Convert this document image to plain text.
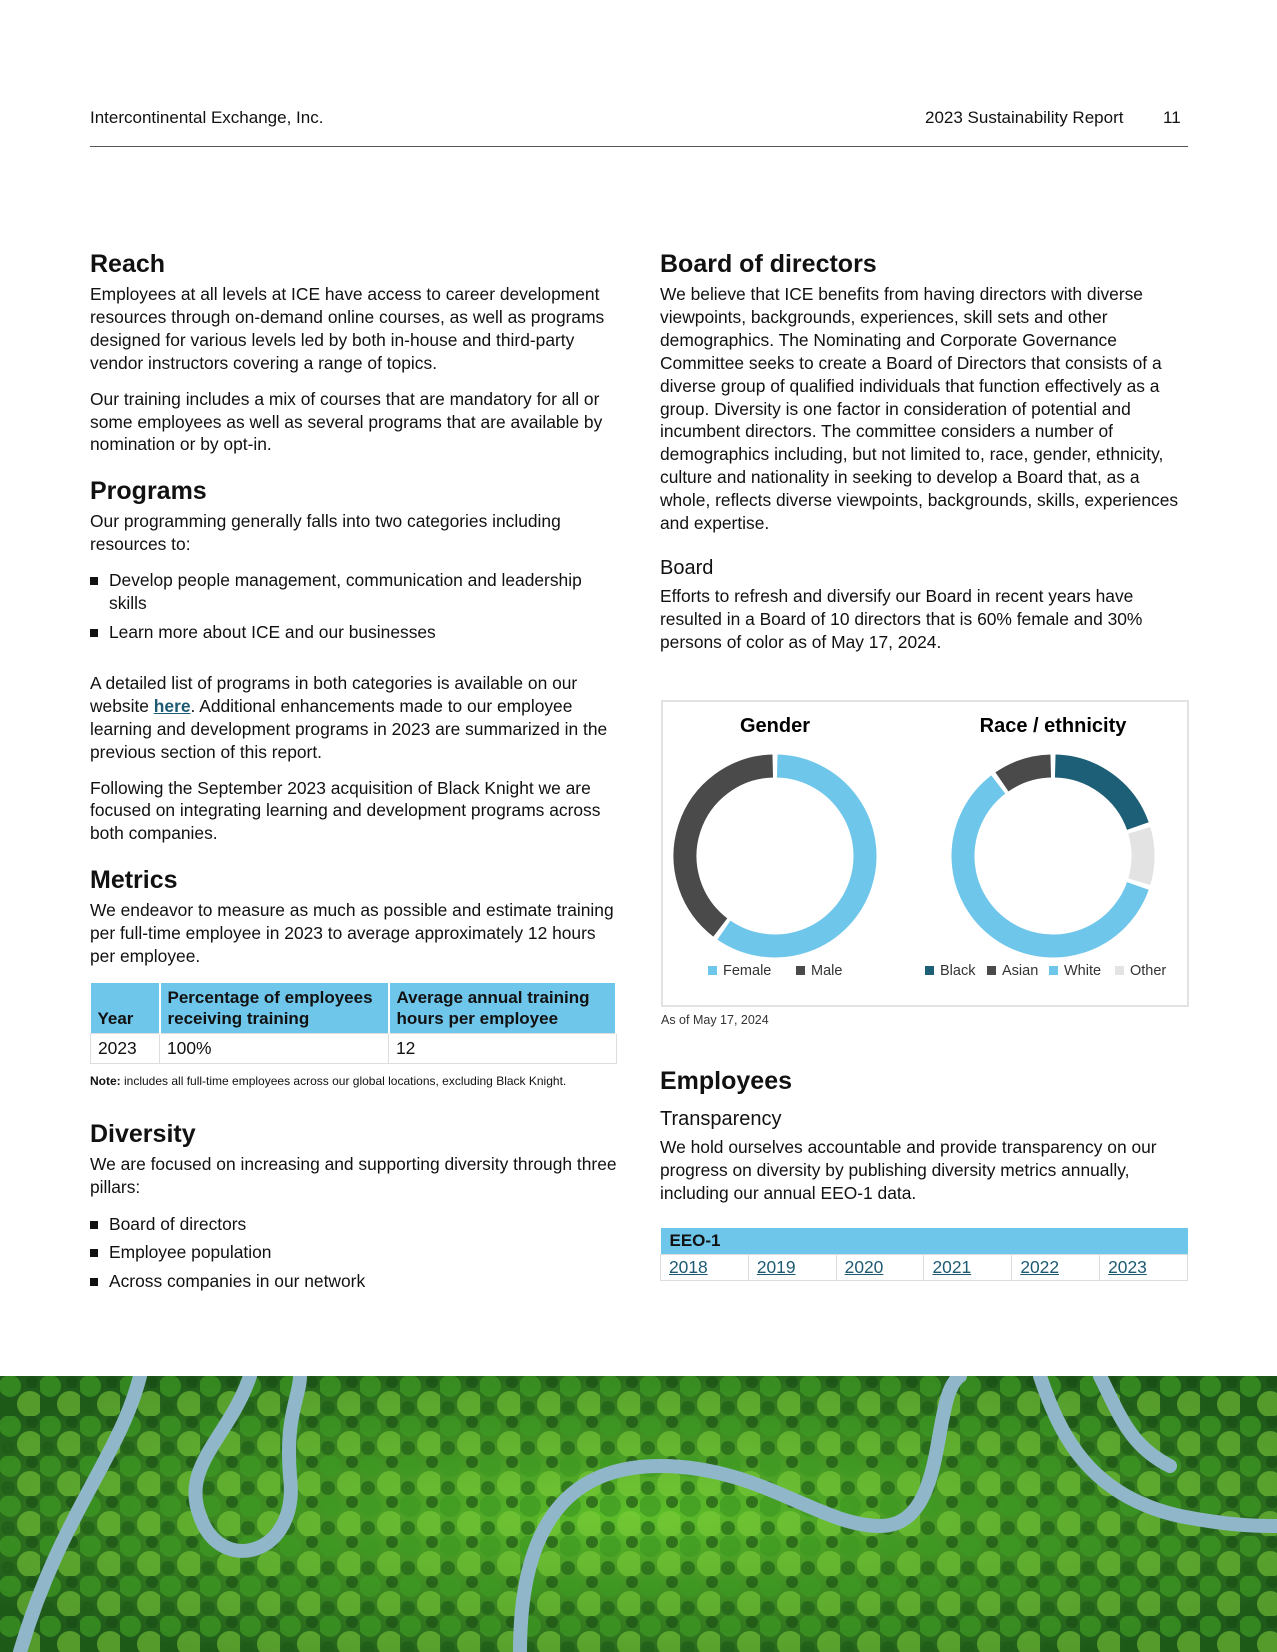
Intercontinental Exchange, Inc.	2023 Sustainability Report 11
Reach

Employees at all levels at ICE have access to career development resources through on-demand online courses, as well as programs designed for various levels led by both in-house and third-party vendor instructors covering a range of topics.

Our training includes a mix of courses that are mandatory for all or some employees as well as several programs that are available by nomination or by opt-in.

Programs

Our programming generally falls into two categories including resources to:

Develop people management, communication and leadership skills
Learn more about ICE and our businesses

A detailed list of programs in both categories is available on our website here. Additional enhancements made to our employee learning and development programs in 2023 are summarized in the previous section of this report.

Following the September 2023 acquisition of Black Knight we are focused on integrating learning and development programs across both companies.

Metrics

We endeavor to measure as much as possible and estimate training per full-time employee in 2023 to average approximately 12 hours per employee.

Year	Percentage of employees receiving training	Average annual training hours per employee
2023	100%	12
Note: includes all full-time employees across our global locations, excluding Black Knight.
Diversity

We are focused on increasing and supporting diversity through three pillars:

Board of directors
Employee population
Across companies in our network
Board of directors

We believe that ICE benefits from having directors with diverse viewpoints, backgrounds, experiences, skill sets and other demographics. The Nominating and Corporate Governance Committee seeks to create a Board of Directors that consists of a diverse group of qualified individuals that function effectively as a group. Diversity is one factor in consideration of potential and incumbent directors. The committee considers a number of demographics including, but not limited to, race, gender, ethnicity, culture and nationality in seeking to develop a Board that, as a whole, reflects diverse viewpoints, backgrounds, skills, experiences and expertise.

Board

Efforts to refresh and diversify our Board in recent years have resulted in a Board of 10 directors that is 60% female and 30% persons of color as of May 17, 2024.

Gender
Female	Male
Race / ethnicity
Black Asian White Other
As of May 17, 2024
Employees
Transparency

We hold ourselves accountable and provide transparency on our progress on diversity by publishing diversity metrics annually, including our annual EEO-1 data.

EEO-1
2018	2019	2020	2021	2022	2023
